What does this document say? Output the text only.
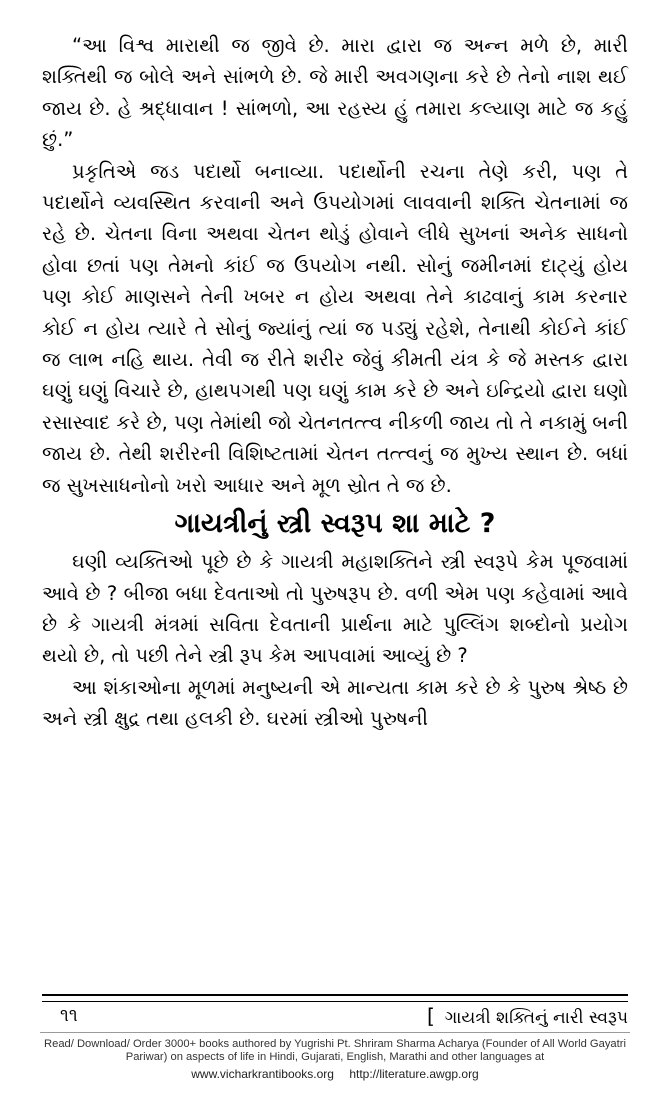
“આ વિશ્વ મારાથી જ જીવે છે. મારા દ્વારા જ અન્ન મળે છે, મારી શક્તિથી જ બોલે અને સાંભળે છે. જે મારી અવગણના કરે છે તેનો નાશ થઈ જાય છે. હે શ્રદ્ધાવાન ! સાંભળો, આ રહસ્ય હું તમારા કલ્યાણ માટે જ કહું છું.”

પ્રકૃતિએ જડ પદાર્થો બનાવ્યા. પદાર્થોની રચના તેણે કરી, પણ તે પદાર્થોને વ્યવસ્થિત કરવાની અને ઉપયોગમાં લાવવાની શક્તિ ચેતનામાં જ રહે છે. ચેતના વિના અથવા ચેતન થોડું હોવાને લીધે સુખનાં અનેક સાધનો હોવા છતાં પણ તેમનો કાંઈ જ ઉપયોગ નથી. સોનું જમીનમાં દાટ્યું હોય પણ કોઈ માણસને તેની ખબર ન હોય અથવા તેને કાઢવાનું કામ કરનાર કોઈ ન હોય ત્યારે તે સોનું જ્યાંનું ત્યાં જ પડ્યું રહેશે, તેનાથી કોઈને કાંઈ જ લાભ નહિ થાય. તેવી જ રીતે શરીર જેવું કીમતી યંત્ર કે જે મસ્તક દ્વારા ઘણું ઘણું વિચારે છે, હાથપગથી પણ ઘણું કામ કરે છે અને ઇન્દ્રિયો દ્વારા ઘણો રસાસ્વાદ કરે છે, પણ તેમાંથી જો ચેતનતત્ત્વ નીકળી જાય તો તે નકામું બની જાય છે. તેથી શરીરની વિશિષ્ટતામાં ચેતન તત્ત્વનું જ મુખ્ય સ્થાન છે. બધાં જ સુખસાધનોનો ખરો આધાર અને મૂળ સ્રોત તે જ છે.

ગાયત્રીનું સ્ત્રી સ્વરૂપ શા માટે ?

ઘણી વ્યક્તિઓ પૂછે છે કે ગાયત્રી મહાશક્તિને સ્ત્રી સ્વરૂપે કેમ પૂજવામાં આવે છે ? બીજા બધા દેવતાઓ તો પુરુષરૂપ છે. વળી એમ પણ કહેવામાં આવે છે કે ગાયત્રી મંત્રમાં સવિતા દેવતાની પ્રાર્થના માટે પુલ્લિંગ શબ્દોનો પ્રયોગ થયો છે, તો પછી તેને સ્ત્રી રૂપ કેમ આપવામાં આવ્યું છે ?

આ શંકાઓના મૂળમાં મનુષ્યની એ માન્યતા કામ કરે છે કે પુરુષ શ્રેષ્ઠ છે અને સ્ત્રી ક્ષુદ્ર તથા હલકી છે. ઘરમાં સ્ત્રીઓ પુરુષની

૧૧	[ ગાયત્રી શક્તિનું નારી સ્વરૂપ
Read/ Download/ Order 3000+ books authored by Yugrishi Pt. Shriram Sharma Acharya (Founder of All World Gayatri Pariwar) on aspects of life in Hindi, Gujarati, English, Marathi and other languages at
www.vicharkrantibooks.org http://literature.awgp.org
